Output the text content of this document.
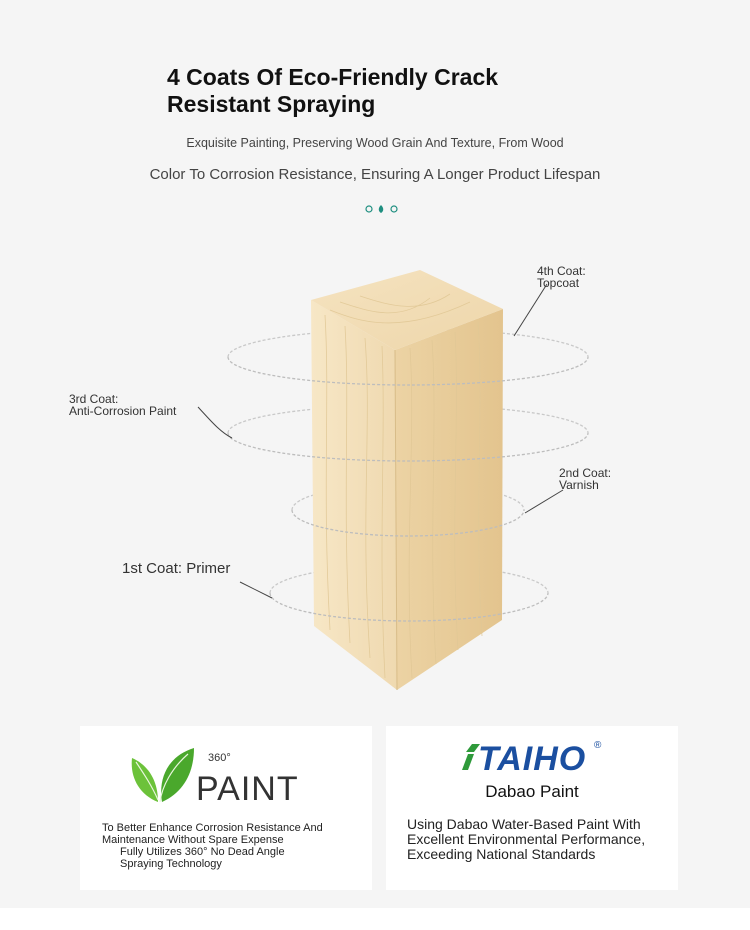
4 Coats Of Eco-Friendly Crack Resistant Spraying
Exquisite Painting, Preserving Wood Grain And Texture, From Wood
Color To Corrosion Resistance, Ensuring A Longer Product Lifespan
4th Coat:
Topcoat
3rd Coat:
Anti-Corrosion Paint
2nd Coat:
Varnish
1st Coat: Primer
360°
PAINT
To Better Enhance Corrosion Resistance And
Maintenance Without Spare Expense
Fully Utilizes 360° No Dead Angle
Spraying Technology
TAIHO ®
Dabao Paint
Using Dabao Water-Based Paint With Excellent Environmental Performance, Exceeding National Standards
